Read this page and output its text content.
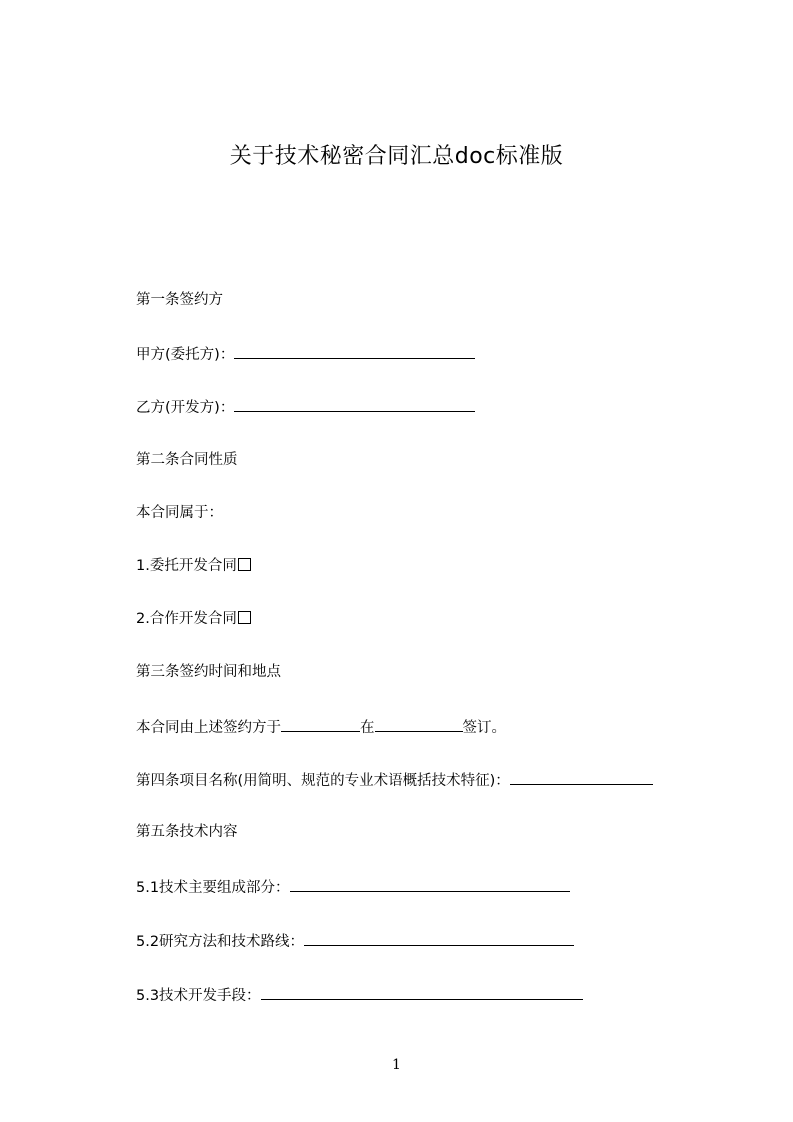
关于技术秘密合同汇总doc标准版
第一条签约方
甲方(委托方)：
乙方(开发方)：
第二条合同性质
本合同属于：
1.委托开发合同
2.合作开发合同
第三条签约时间和地点
本合同由上述签约方于	在	签订。
第四条项目名称(用简明、规范的专业术语概括技术特征)：
第五条技术内容
5.1技术主要组成部分：
5.2研究方法和技术路线：
5.3技术开发手段：
1
